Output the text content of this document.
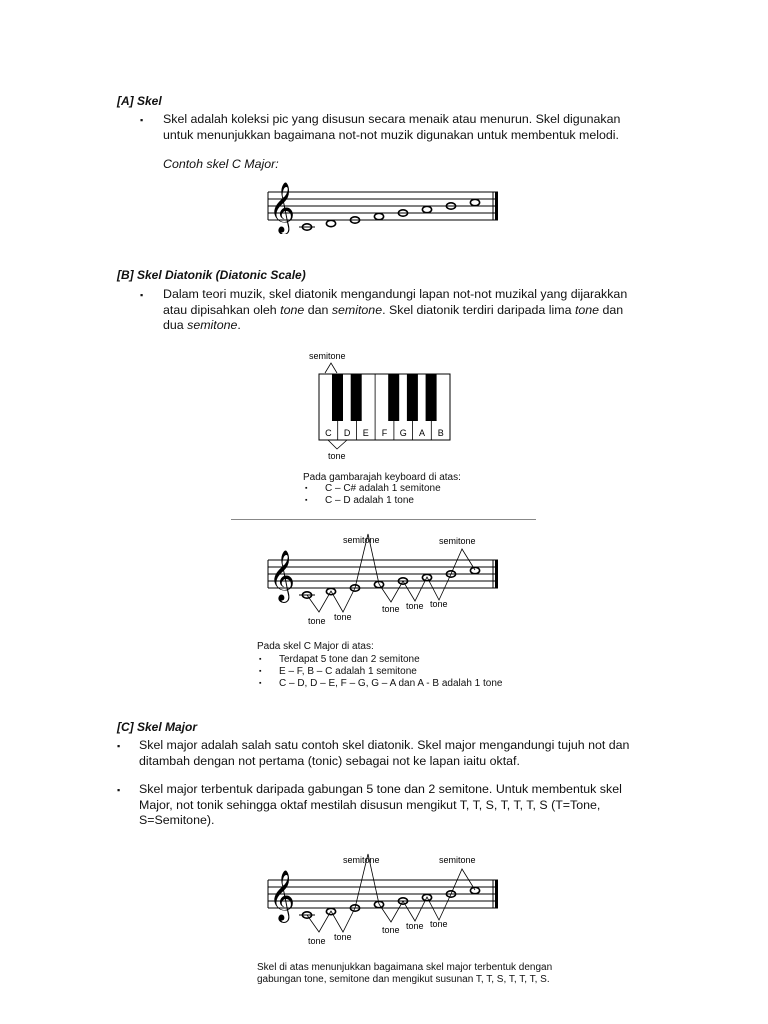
[A] Skel
▪ Skel adalah koleksi pic yang disusun secara menaik atau menurun. Skel digunakan
untuk menunjukkan bagaimana not-not muzik digunakan untuk membentuk melodi.
Contoh skel C Major:
𝄞
[B] Skel Diatonik (Diatonic Scale)
▪ Dalam teori muzik, skel diatonik mengandungi lapan not-not muzikal yang dijarakkan
atau dipisahkan oleh tone dan semitone. Skel diatonik terdiri daripada lima tone dan
dua semitone.
semitone
C D E F G A B
tone
Pada gambarajah keyboard di atas:
▪ C – C# adalah 1 semitone
▪ C – D adalah 1 tone
𝄞
semitone	semitone
tone tone
tone tone tone
Pada skel C Major di atas:
▪ Terdapat 5 tone dan 2 semitone
▪ E – F, B – C adalah 1 semitone
▪ C – D, D – E, F – G, G – A dan A - B adalah 1 tone
[C] Skel Major
▪ Skel major adalah salah satu contoh skel diatonik. Skel major mengandungi tujuh not dan
ditambah dengan not pertama (tonic) sebagai not ke lapan iaitu oktaf.
▪ Skel major terbentuk daripada gabungan 5 tone dan 2 semitone. Untuk membentuk skel
Major, not tonik sehingga oktaf mestilah disusun mengikut T, T, S, T, T, T, S (T=Tone,
S=Semitone).
𝄞
semitone	semitone
tone tone
tone tone tone
Skel di atas menunjukkan bagaimana skel major terbentuk dengan
gabungan tone, semitone dan mengikut susunan T, T, S, T, T, T, S.
